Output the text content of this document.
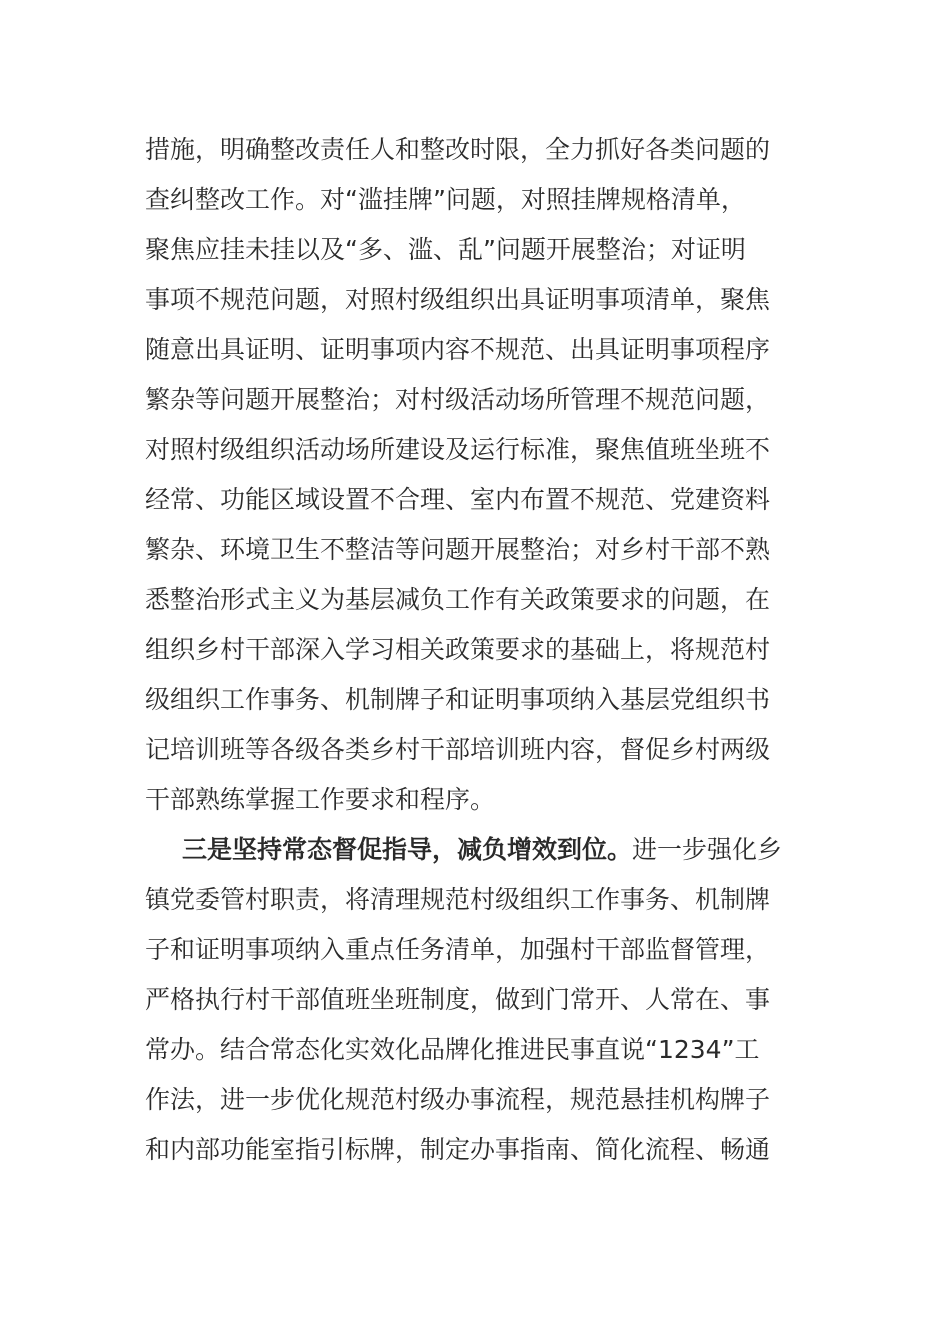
措施，明确整改责任人和整改时限，全力抓好各类问题的
查纠整改工作。对“滥挂牌”问题，对照挂牌规格清单，
聚焦应挂未挂以及“多、滥、乱”问题开展整治；对证明
事项不规范问题，对照村级组织出具证明事项清单，聚焦
随意出具证明、证明事项内容不规范、出具证明事项程序
繁杂等问题开展整治；对村级活动场所管理不规范问题，
对照村级组织活动场所建设及运行标准，聚焦值班坐班不
经常、功能区域设置不合理、室内布置不规范、党建资料
繁杂、环境卫生不整洁等问题开展整治；对乡村干部不熟
悉整治形式主义为基层减负工作有关政策要求的问题，在
组织乡村干部深入学习相关政策要求的基础上，将规范村
级组织工作事务、机制牌子和证明事项纳入基层党组织书
记培训班等各级各类乡村干部培训班内容，督促乡村两级
干部熟练掌握工作要求和程序。
三是坚持常态督促指导，减负增效到位。进一步强化乡
镇党委管村职责，将清理规范村级组织工作事务、机制牌
子和证明事项纳入重点任务清单，加强村干部监督管理，
严格执行村干部值班坐班制度，做到门常开、人常在、事
常办。结合常态化实效化品牌化推进民事直说“1234”工
作法，进一步优化规范村级办事流程，规范悬挂机构牌子
和内部功能室指引标牌，制定办事指南、简化流程、畅通
